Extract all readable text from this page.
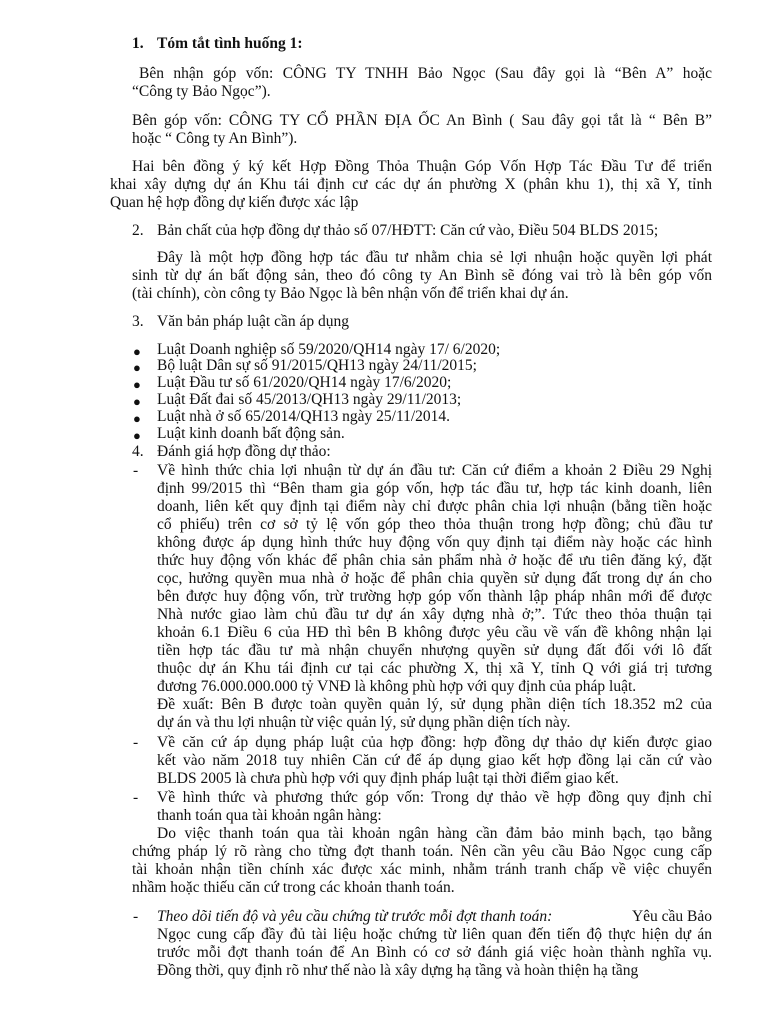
1. Tóm tắt tình huống 1:
Bên nhận góp vốn: CÔNG TY TNHH Bảo Ngọc (Sau đây gọi là “Bên A” hoặc
“Công ty Bảo Ngọc”).
Bên góp vốn: CÔNG TY CỔ PHẦN ĐỊA ỐC An Bình ( Sau đây gọi tắt là “ Bên B”
hoặc “ Công ty An Bình”).
Hai bên đồng ý ký kết Hợp Đồng Thỏa Thuận Góp Vốn Hợp Tác Đầu Tư để triển
khai xây dựng dự án Khu tái định cư các dự án phường X (phân khu 1), thị xã Y, tỉnh
Quan hệ hợp đồng dự kiến được xác lập
2. Bản chất của hợp đồng dự thảo số 07/HĐTT: Căn cứ vào, Điều 504 BLDS 2015;
Đây là một hợp đồng hợp tác đầu tư nhằm chia sẻ lợi nhuận hoặc quyền lợi phát
sinh từ dự án bất động sản, theo đó công ty An Bình sẽ đóng vai trò là bên góp vốn
(tài chính), còn công ty Bảo Ngọc là bên nhận vốn để triển khai dự án.
3. Văn bản pháp luật cần áp dụng
● Luật Doanh nghiệp số 59/2020/QH14 ngày 17/ 6/2020;
● Bộ luật Dân sự số 91/2015/QH13 ngày 24/11/2015;
● Luật Đầu tư số 61/2020/QH14 ngày 17/6/2020;
● Luật Đất đai số 45/2013/QH13 ngày 29/11/2013;
● Luật nhà ở số 65/2014/QH13 ngày 25/11/2014.
● Luật kinh doanh bất động sản.
4. Đánh giá hợp đồng dự thảo:
- Về hình thức chia lợi nhuận từ dự án đầu tư: Căn cứ điểm a khoản 2 Điều 29 Nghị
định 99/2015 thì “Bên tham gia góp vốn, hợp tác đầu tư, hợp tác kinh doanh, liên
doanh, liên kết quy định tại điểm này chỉ được phân chia lợi nhuận (bằng tiền hoặc
cổ phiếu) trên cơ sở tỷ lệ vốn góp theo thỏa thuận trong hợp đồng; chủ đầu tư
không được áp dụng hình thức huy động vốn quy định tại điểm này hoặc các hình
thức huy động vốn khác để phân chia sản phẩm nhà ở hoặc để ưu tiên đăng ký, đặt
cọc, hưởng quyền mua nhà ở hoặc để phân chia quyền sử dụng đất trong dự án cho
bên được huy động vốn, trừ trường hợp góp vốn thành lập pháp nhân mới để được
Nhà nước giao làm chủ đầu tư dự án xây dựng nhà ở;”. Tức theo thỏa thuận tại
khoản 6.1 Điều 6 của HĐ thì bên B không được yêu cầu về vấn đề không nhận lại
tiền hợp tác đầu tư mà nhận chuyển nhượng quyền sử dụng đất đối với lô đất
thuộc dự án Khu tái định cư tại các phường X, thị xã Y, tỉnh Q với giá trị tương
đương 76.000.000.000 tỷ VNĐ là không phù hợp với quy định của pháp luật.
Đề xuất: Bên B được toàn quyền quản lý, sử dụng phần diện tích 18.352 m2 của
dự án và thu lợi nhuận từ việc quản lý, sử dụng phần diện tích này.
- Về căn cứ áp dụng pháp luật của hợp đồng: hợp đồng dự thảo dự kiến được giao
kết vào năm 2018 tuy nhiên Căn cứ để áp dụng giao kết hợp đồng lại căn cứ vào
BLDS 2005 là chưa phù hợp với quy định pháp luật tại thời điểm giao kết.
- Về hình thức và phương thức góp vốn: Trong dự thảo về hợp đồng quy định chỉ
thanh toán qua tài khoản ngân hàng:
Do việc thanh toán qua tài khoản ngân hàng cần đảm bảo minh bạch, tạo bằng
chứng pháp lý rõ ràng cho từng đợt thanh toán. Nên cần yêu cầu Bảo Ngọc cung cấp
tài khoản nhận tiền chính xác được xác minh, nhằm tránh tranh chấp về việc chuyển
nhầm hoặc thiếu căn cứ trong các khoản thanh toán.
- Theo dõi tiến độ và yêu cầu chứng từ trước mỗi đợt thanh toán:	Yêu cầu Bảo
Ngọc cung cấp đầy đủ tài liệu hoặc chứng từ liên quan đến tiến độ thực hiện dự án
trước mỗi đợt thanh toán để An Bình có cơ sở đánh giá việc hoàn thành nghĩa vụ.
Đồng thời, quy định rõ như thế nào là xây dựng hạ tầng và hoàn thiện hạ tầng
